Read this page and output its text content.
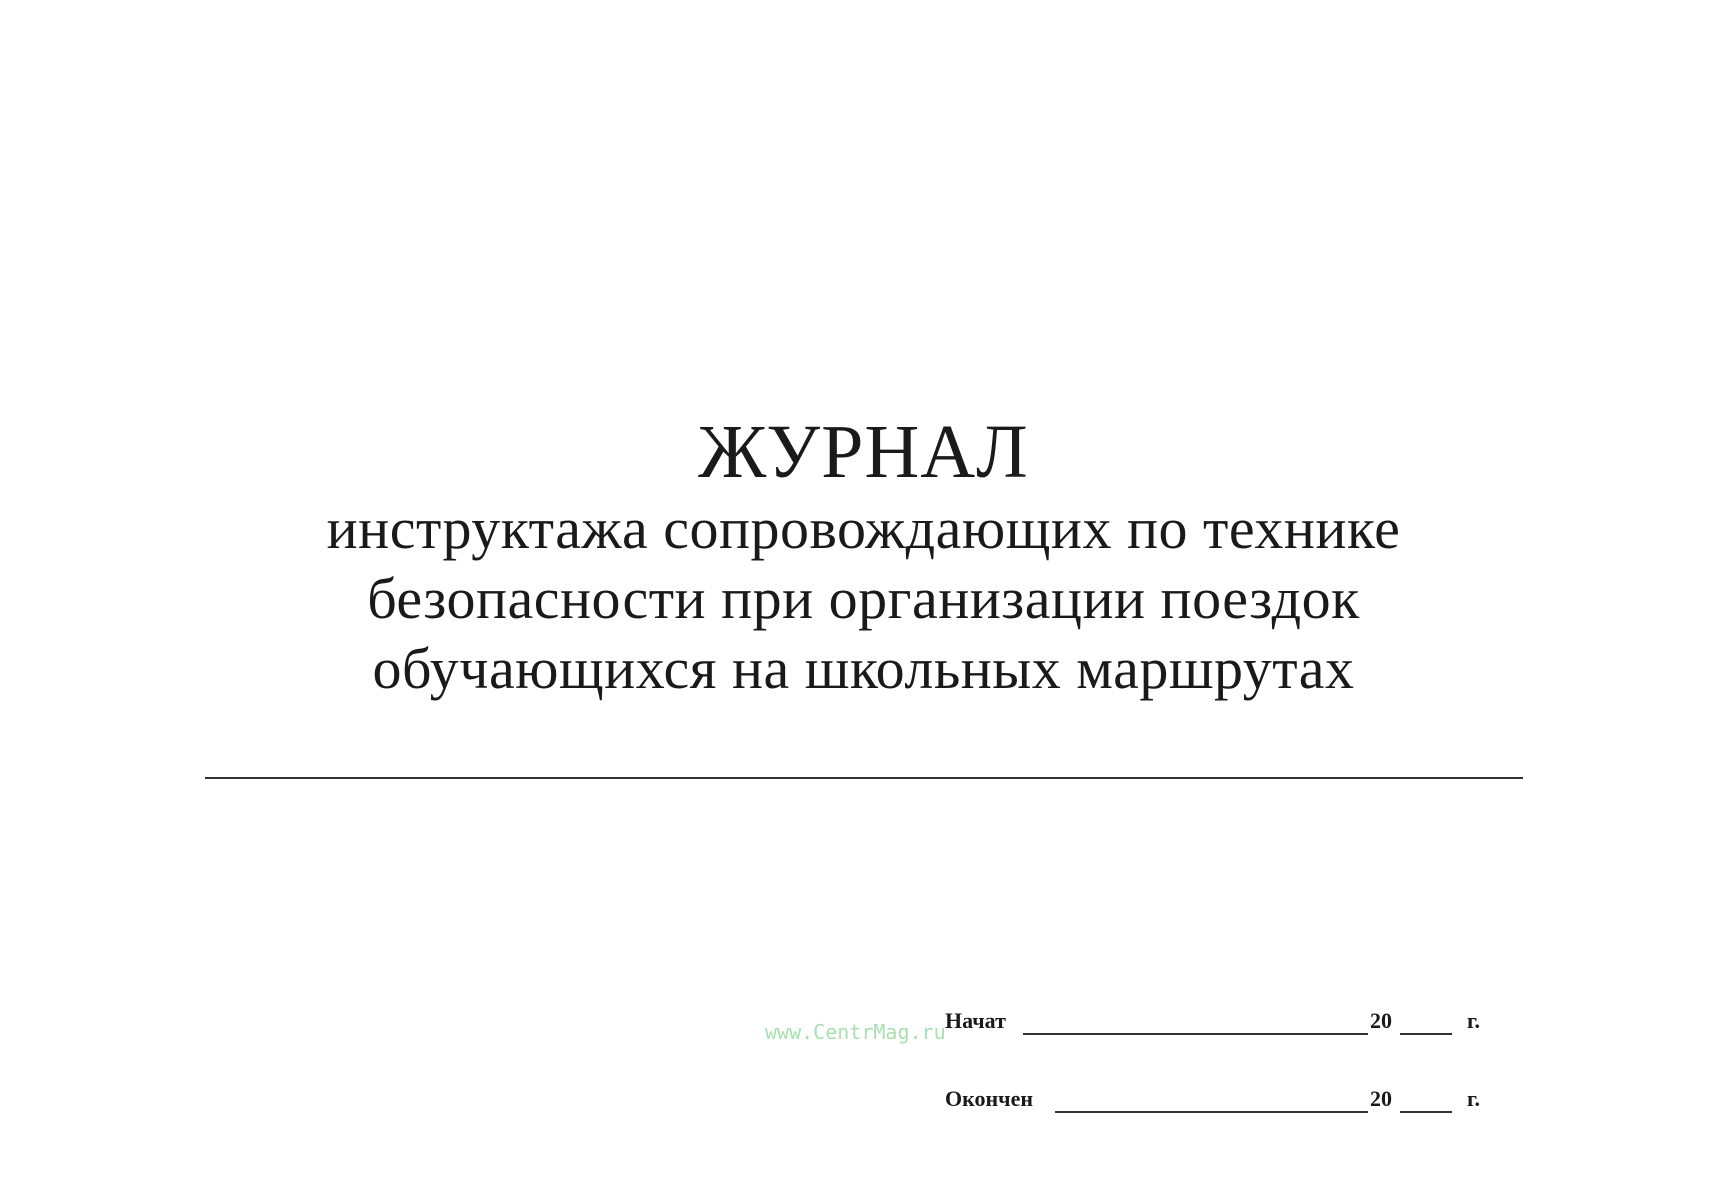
ЖУРНАЛ

инструктажа сопровождающих по технике

безопасности при организации поездок

обучающихся на школьных маршрутах

www.CentrMag.ru Начат	20	г.
Окончен	20	г.
